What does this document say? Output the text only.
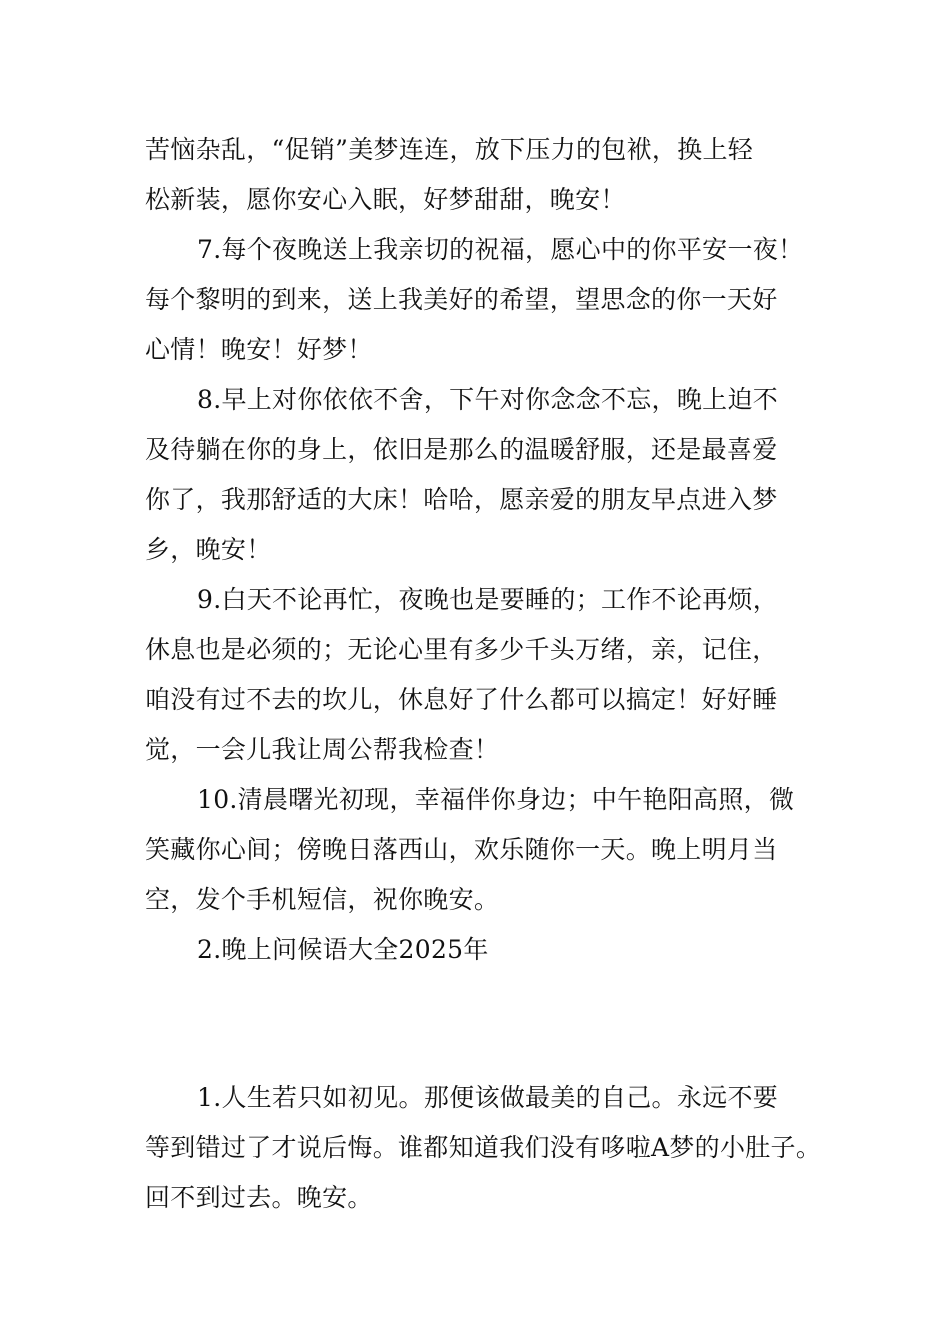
苦恼杂乱，“促销”美梦连连，放下压力的包袱，换上轻
松新装，愿你安心入眠，好梦甜甜，晚安！
7.每个夜晚送上我亲切的祝福，愿心中的你平安一夜！
每个黎明的到来，送上我美好的希望，望思念的你一天好
心情！晚安！好梦！
8.早上对你依依不舍，下午对你念念不忘，晚上迫不
及待躺在你的身上，依旧是那么的温暖舒服，还是最喜爱
你了，我那舒适的大床！哈哈，愿亲爱的朋友早点进入梦
乡，晚安！
9.白天不论再忙，夜晚也是要睡的；工作不论再烦，
休息也是必须的；无论心里有多少千头万绪，亲，记住，
咱没有过不去的坎儿，休息好了什么都可以搞定！好好睡
觉，一会儿我让周公帮我检查！
10.清晨曙光初现，幸福伴你身边；中午艳阳高照，微
笑藏你心间；傍晚日落西山，欢乐随你一天。晚上明月当
空，发个手机短信，祝你晚安。
2.晚上问候语大全2025年
1.人生若只如初见。那便该做最美的自己。永远不要
等到错过了才说后悔。谁都知道我们没有哆啦A梦的小肚子。
回不到过去。晚安。
